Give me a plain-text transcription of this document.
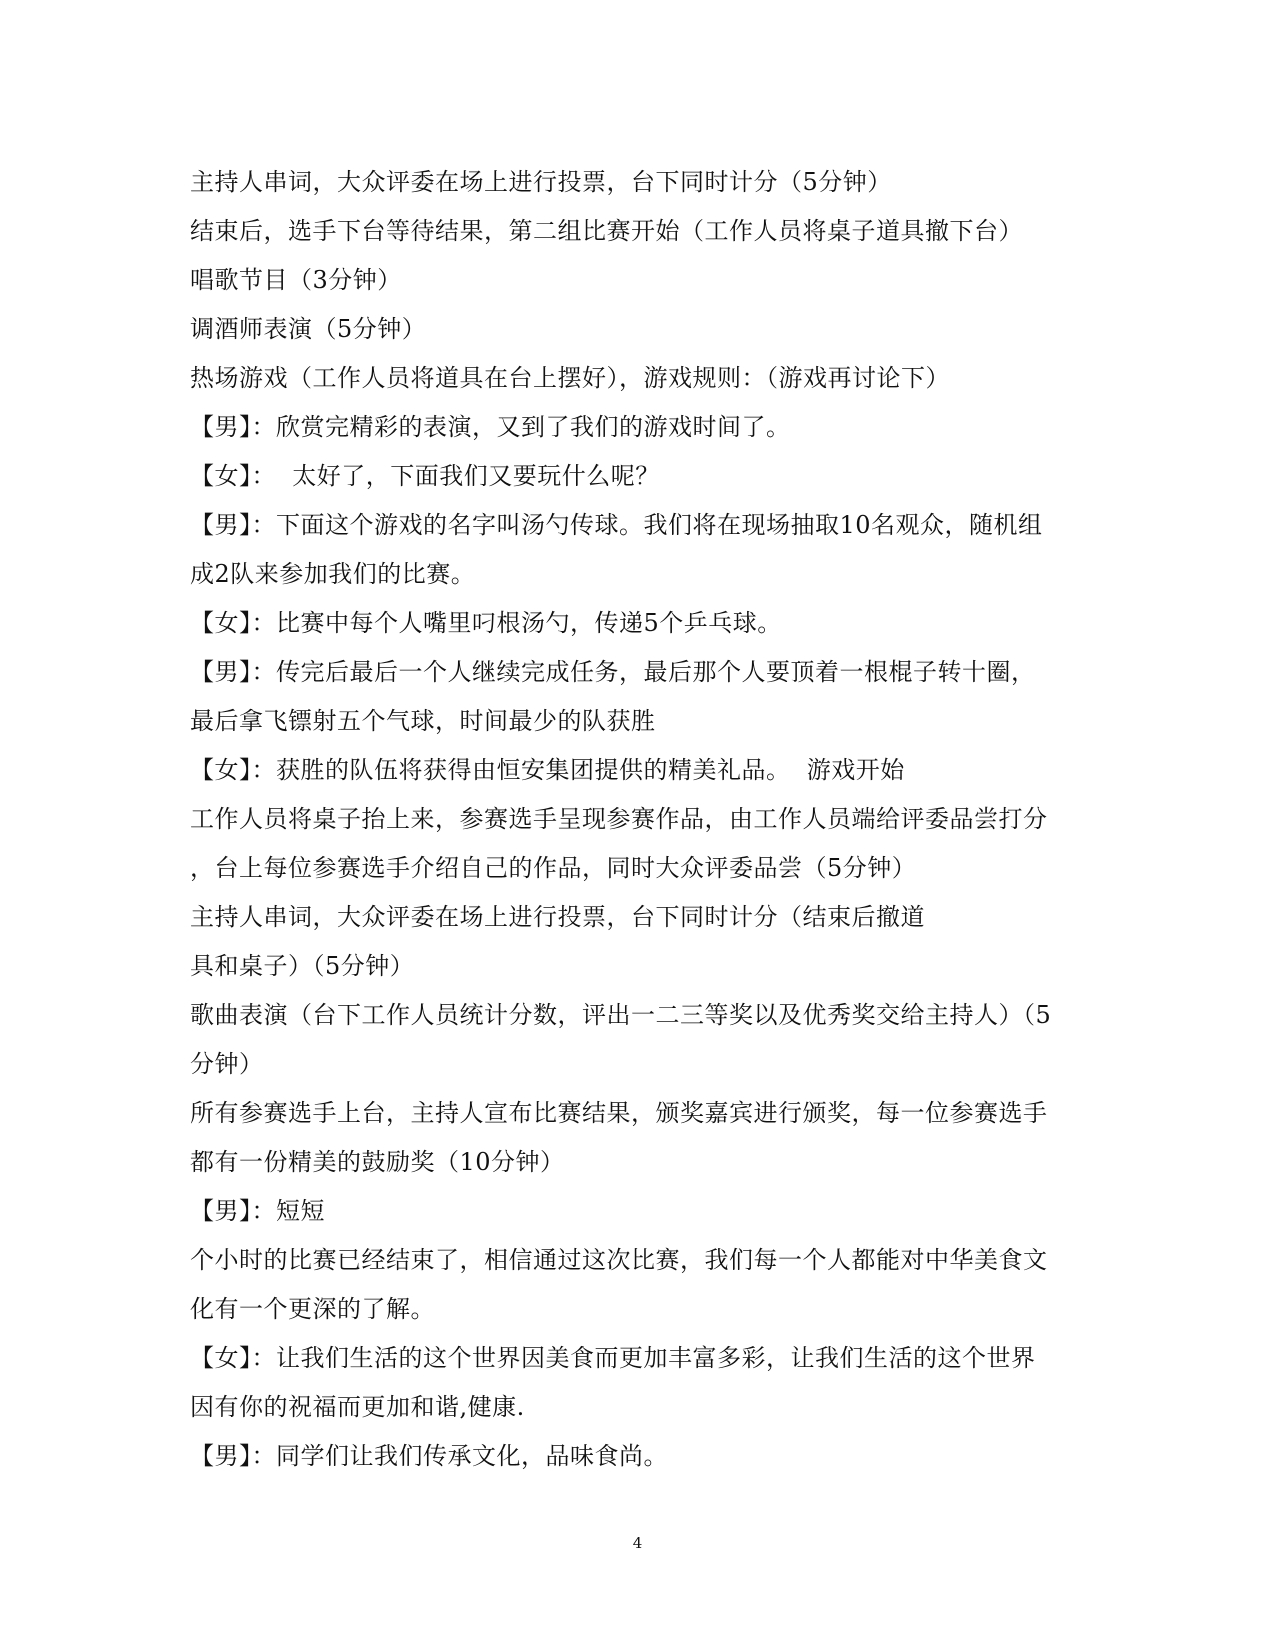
主持人串词，大众评委在场上进行投票，台下同时计分（5分钟）
结束后，选手下台等待结果，第二组比赛开始（工作人员将桌子道具撤下台）
唱歌节目（3分钟）
调酒师表演（5分钟）
热场游戏（工作人员将道具在台上摆好），游戏规则：（游戏再讨论下）
【男】：欣赏完精彩的表演，又到了我们的游戏时间了。
【女】：  太好了，下面我们又要玩什么呢？
【男】：下面这个游戏的名字叫汤勺传球。我们将在现场抽取10名观众，随机组
成2队来参加我们的比赛。
【女】：比赛中每个人嘴里叼根汤勺，传递5个乒乓球。
【男】：传完后最后一个人继续完成任务，最后那个人要顶着一根棍子转十圈，
最后拿飞镖射五个气球，时间最少的队获胜
【女】：获胜的队伍将获得由恒安集团提供的精美礼品。  游戏开始
工作人员将桌子抬上来，参赛选手呈现参赛作品，由工作人员端给评委品尝打分
，台上每位参赛选手介绍自己的作品，同时大众评委品尝（5分钟）
主持人串词，大众评委在场上进行投票，台下同时计分（结束后撤道
具和桌子）（5分钟）
歌曲表演（台下工作人员统计分数，评出一二三等奖以及优秀奖交给主持人）（5
分钟）
所有参赛选手上台，主持人宣布比赛结果，颁奖嘉宾进行颁奖，每一位参赛选手
都有一份精美的鼓励奖（10分钟）
【男】：短短
个小时的比赛已经结束了，相信通过这次比赛，我们每一个人都能对中华美食文
化有一个更深的了解。
【女】：让我们生活的这个世界因美食而更加丰富多彩，让我们生活的这个世界
因有你的祝福而更加和谐,健康.
【男】：同学们让我们传承文化，品味食尚。
4
